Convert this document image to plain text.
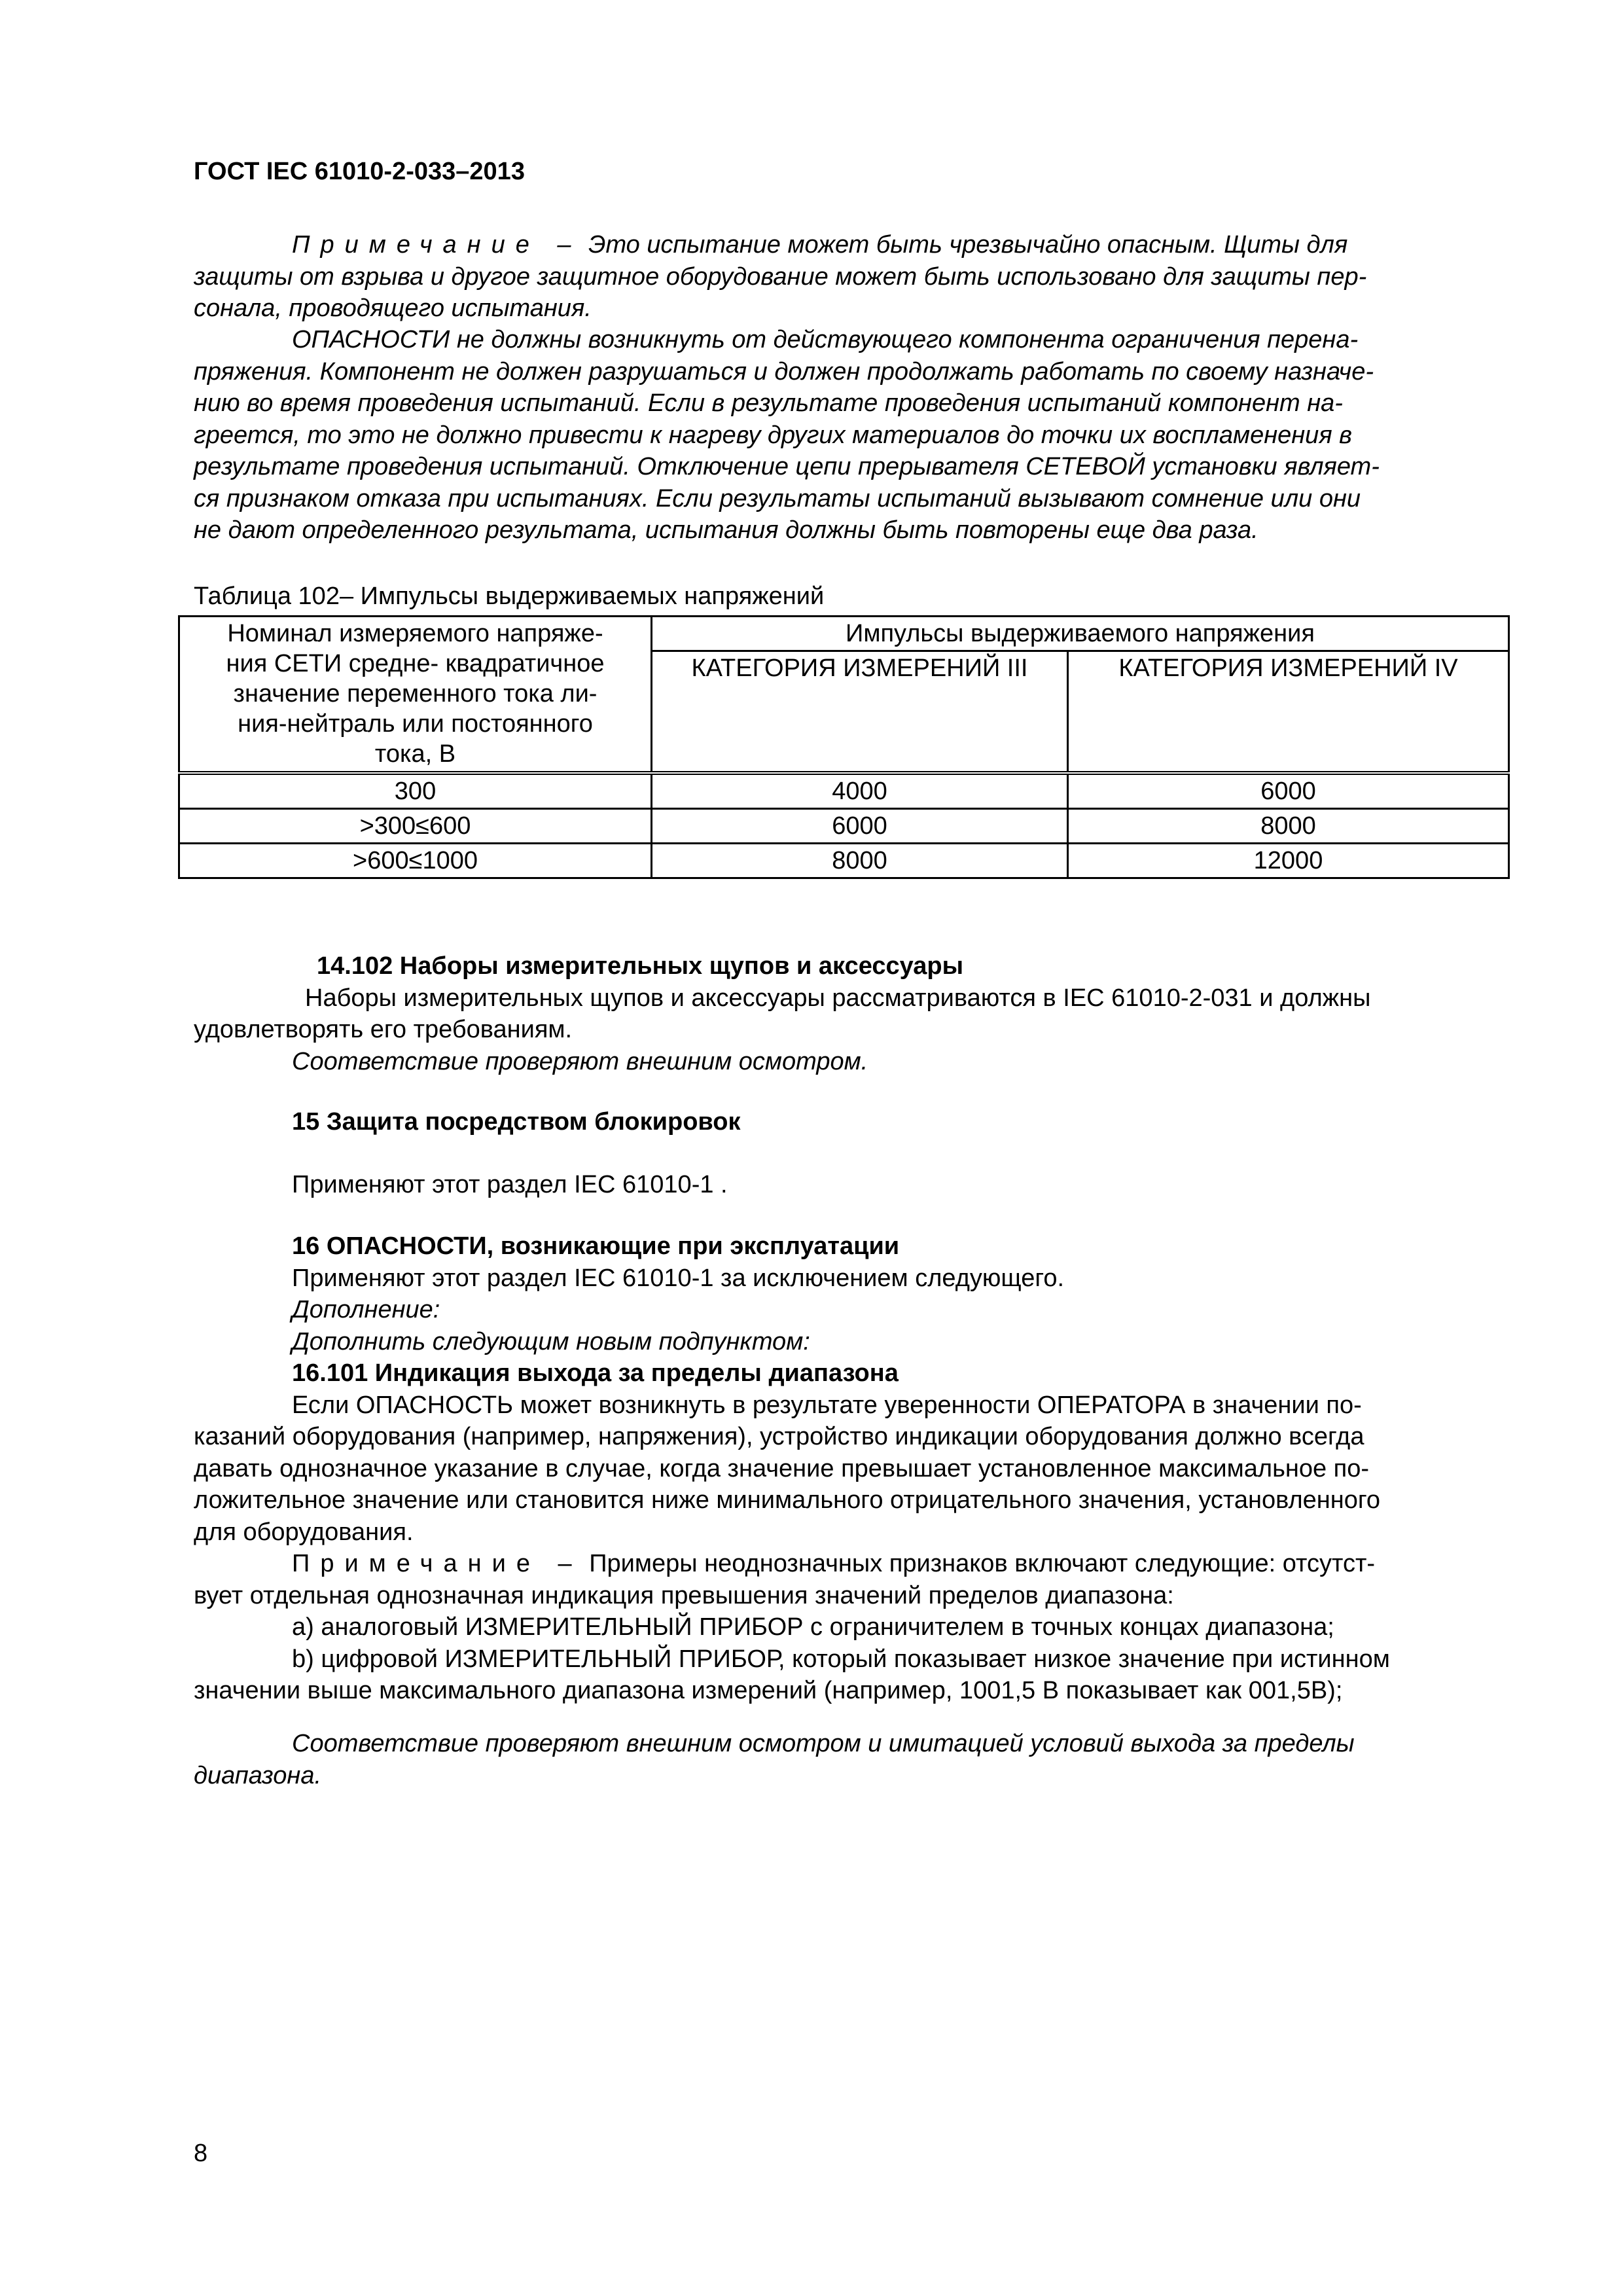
ГОСТ IEC 61010-2-033–2013
Примечание – Это испытание может быть чрезвычайно опасным. Щиты для
защиты от взрыва и другое защитное оборудование может быть использовано для защиты пер-
сонала, проводящего испытания.
ОПАСНОСТИ не должны возникнуть от действующего компонента ограничения перена-
пряжения. Компонент не должен разрушаться и должен продолжать работать по своему назначе-
нию во время проведения испытаний. Если в результате проведения испытаний компонент на-
греется, то это не должно привести к нагреву других материалов до точки их воспламенения в
результате проведения испытаний. Отключение цепи прерывателя СЕТЕВОЙ установки являет-
ся признаком отказа при испытаниях. Если результаты испытаний вызывают сомнение или они
не дают определенного результата, испытания должны быть повторены еще два раза.
Таблица 102– Импульсы выдерживаемых напряжений
Номинал измеряемого напряже-
ния СЕТИ средне- квадратичное
значение переменного тока ли-
ния-нейтраль или постоянного
тока, В	Импульсы выдерживаемого напряжения	
	КАТЕГОРИЯ ИЗМЕРЕНИЙ III	КАТЕГОРИЯ ИЗМЕРЕНИЙ IV
300	4000	6000
>300≤600	6000	8000
>600≤1000	8000	12000
14.102 Наборы измерительных щупов и аксессуары
Наборы измерительных щупов и аксессуары рассматриваются в IEC 61010-2-031 и должны
удовлетворять его требованиям.
Соответствие проверяют внешним осмотром.
15 Защита посредством блокировок
Применяют этот раздел IEC 61010-1 .
16 ОПАСНОСТИ, возникающие при эксплуатации
Применяют этот раздел IEC 61010-1 за исключением следующего.
Дополнение:
Дополнить следующим новым подпунктом:
16.101 Индикация выхода за пределы диапазона
Если ОПАСНОСТЬ может возникнуть в результате уверенности ОПЕРАТОРА в значении по-
казаний оборудования (например, напряжения), устройство индикации оборудования должно всегда
давать однозначное указание в случае, когда значение превышает установленное максимальное по-
ложительное значение или становится ниже минимального отрицательного значения, установленного
для оборудования.
Примечание – Примеры неоднозначных признаков включают следующие: отсутст-
вует отдельная однозначная индикация превышения значений пределов диапазона:
а) аналоговый ИЗМЕРИТЕЛЬНЫЙ ПРИБОР с ограничителем в точных концах диапазона;
b) цифровой ИЗМЕРИТЕЛЬНЫЙ ПРИБОР, который показывает низкое значение при истинном
значении выше максимального диапазона измерений (например, 1001,5 В показывает как 001,5В);
Соответствие проверяют внешним осмотром и имитацией условий выхода за пределы
диапазона.
8
